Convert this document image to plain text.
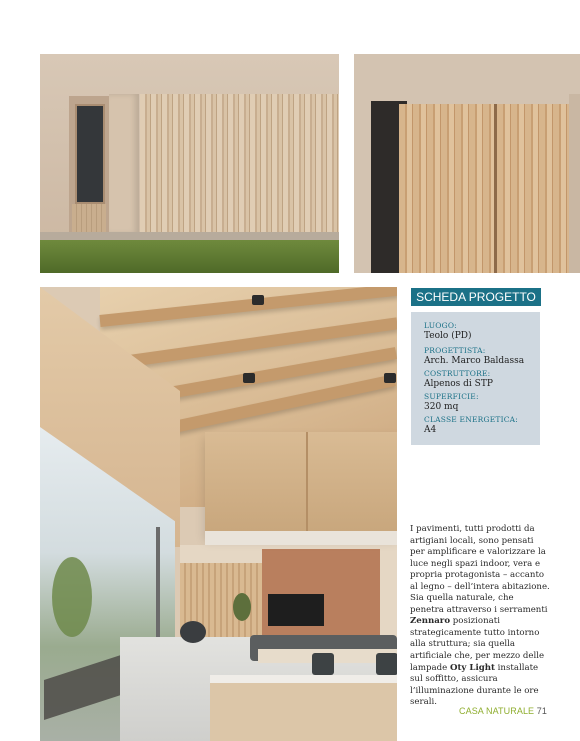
SCHEDA PROGETTO
LUOGO:
Teolo (PD)
PROGETTISTA:
Arch. Marco Baldassa
COSTRUTTORE:
Alpenos di STP
SUPERFICIE:
320 mq
CLASSE ENERGETICA:
A4

I pavimenti, tutti prodotti da artigiani locali, sono pensati per amplificare e valorizzare la luce negli spazi indoor, vera e propria protagonista – accanto al legno – dell’intera abitazione. Sia quella naturale, che penetra attraverso i serramenti Zennaro posizionati strategicamente tutto intorno alla struttura; sia quella artificiale che, per mezzo delle lampade Oty Light installate sul soffitto, assicura l’illuminazione durante le ore serali.

CASA NATURALE 71
